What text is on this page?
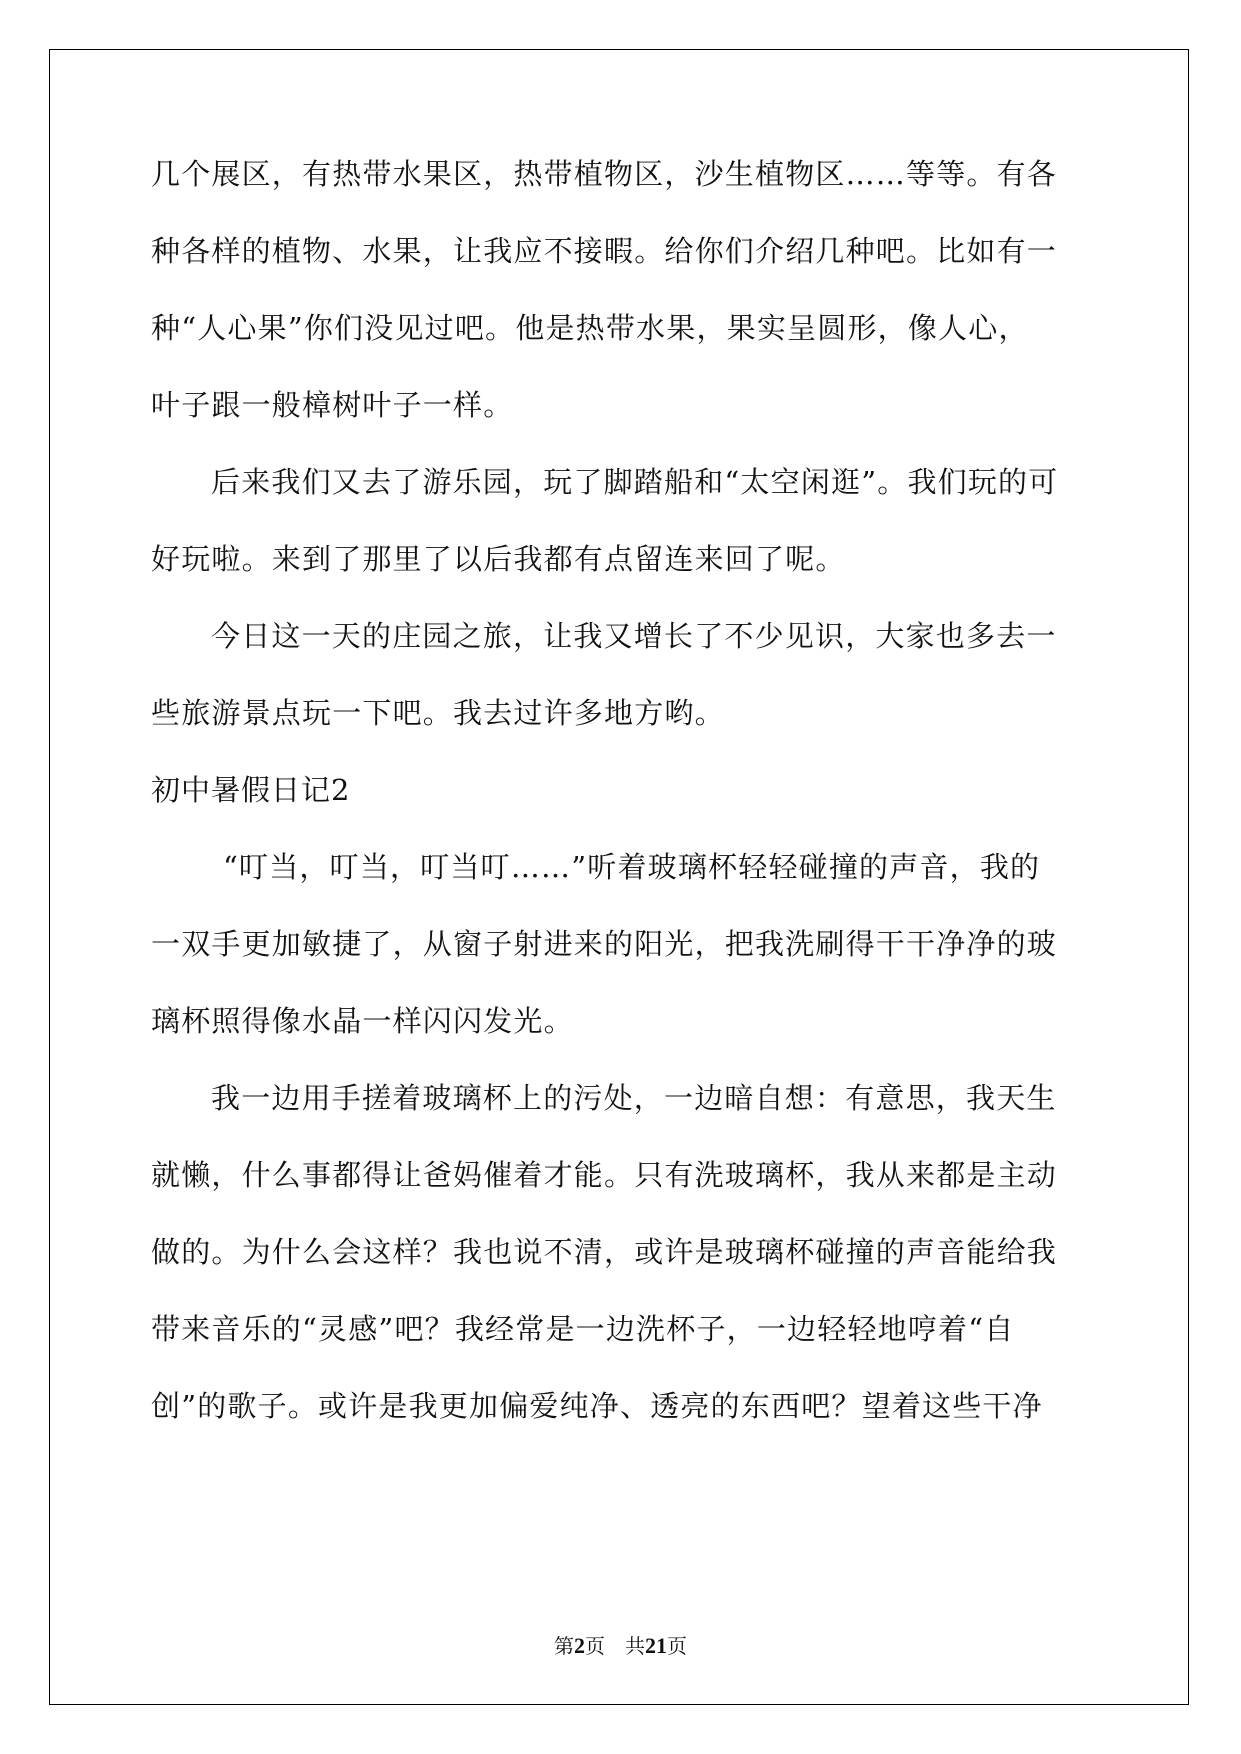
几个展区，有热带水果区，热带植物区，沙生植物区……等等。有各
种各样的植物、水果，让我应不接暇。给你们介绍几种吧。比如有一
种“人心果”你们没见过吧。他是热带水果，果实呈圆形，像人心，
叶子跟一般樟树叶子一样。
后来我们又去了游乐园，玩了脚踏船和“太空闲逛”。我们玩的可
好玩啦。来到了那里了以后我都有点留连来回了呢。
今日这一天的庄园之旅，让我又增长了不少见识，大家也多去一
些旅游景点玩一下吧。我去过许多地方哟。
初中暑假日记2
“叮当，叮当，叮当叮……”听着玻璃杯轻轻碰撞的声音，我的
一双手更加敏捷了，从窗子射进来的阳光，把我洗刷得干干净净的玻
璃杯照得像水晶一样闪闪发光。
我一边用手搓着玻璃杯上的污处，一边暗自想：有意思，我天生
就懒，什么事都得让爸妈催着才能。只有洗玻璃杯，我从来都是主动
做的。为什么会这样？我也说不清，或许是玻璃杯碰撞的声音能给我
带来音乐的“灵感”吧？我经常是一边洗杯子，一边轻轻地哼着“自
创”的歌子。或许是我更加偏爱纯净、透亮的东西吧？望着这些干净
第2页 共21页
